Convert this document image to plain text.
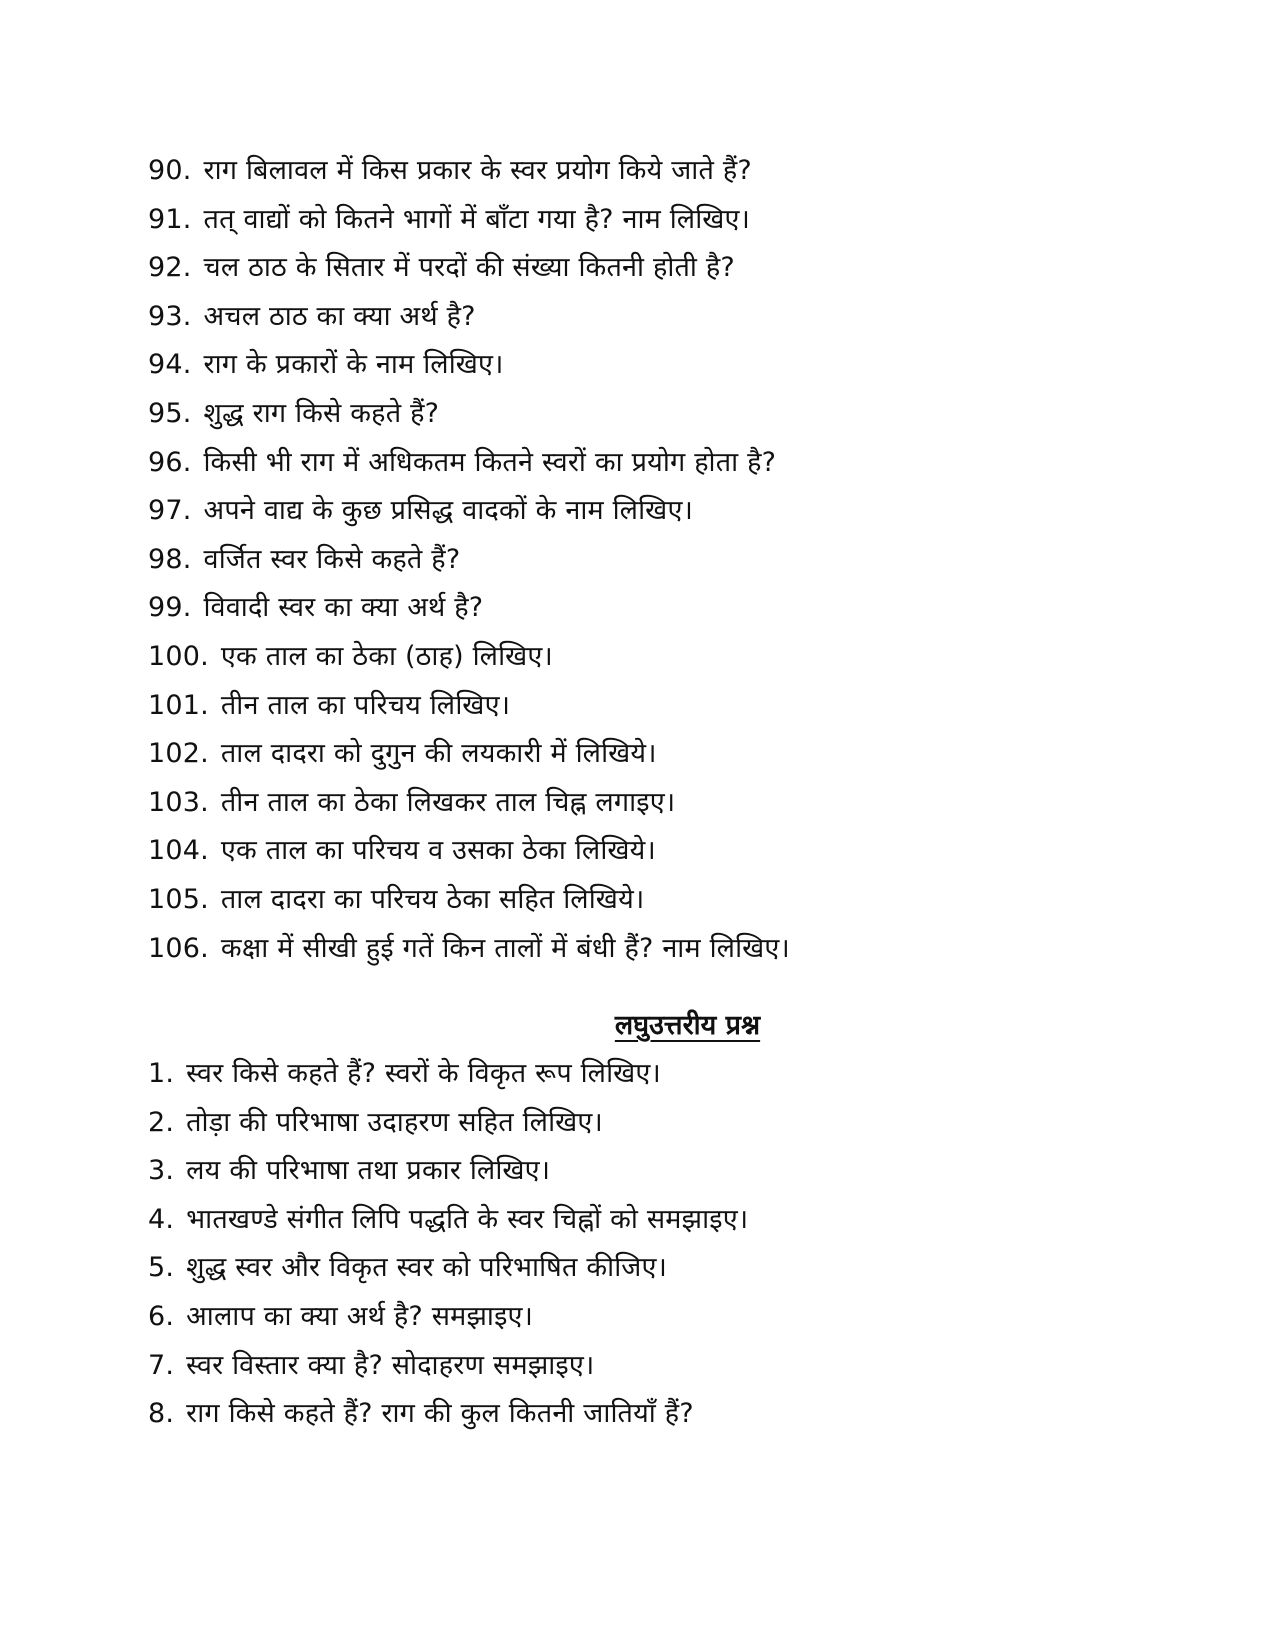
90. राग बिलावल में किस प्रकार के स्वर प्रयोग किये जाते हैं?
91. तत् वाद्यों को कितने भागों में बाँटा गया है? नाम लिखिए।
92. चल ठाठ के सितार में परदों की संख्या कितनी होती है?
93. अचल ठाठ का क्या अर्थ है?
94. राग के प्रकारों के नाम लिखिए।
95. शुद्ध राग किसे कहते हैं?
96. किसी भी राग में अधिकतम कितने स्वरों का प्रयोग होता है?
97. अपने वाद्य के कुछ प्रसिद्ध वादकों के नाम लिखिए।
98. वर्जित स्वर किसे कहते हैं?
99. विवादी स्वर का क्या अर्थ है?
100. एक ताल का ठेका (ठाह) लिखिए।
101. तीन ताल का परिचय लिखिए।
102. ताल दादरा को दुगुन की लयकारी में लिखिये।
103. तीन ताल का ठेका लिखकर ताल चिह्न लगाइए।
104. एक ताल का परिचय व उसका ठेका लिखिये।
105. ताल दादरा का परिचय ठेका सहित लिखिये।
106. कक्षा में सीखी हुई गतें किन तालों में बंधी हैं? नाम लिखिए।
लघुउत्तरीय प्रश्न
1. स्वर किसे कहते हैं? स्वरों के विकृत रूप लिखिए।
2. तोड़ा की परिभाषा उदाहरण सहित लिखिए।
3. लय की परिभाषा तथा प्रकार लिखिए।
4. भातखण्डे संगीत लिपि पद्धति के स्वर चिह्नों को समझाइए।
5. शुद्ध स्वर और विकृत स्वर को परिभाषित कीजिए।
6. आलाप का क्या अर्थ है? समझाइए।
7. स्वर विस्तार क्या है? सोदाहरण समझाइए।
8. राग किसे कहते हैं? राग की कुल कितनी जातियाँ हैं?
